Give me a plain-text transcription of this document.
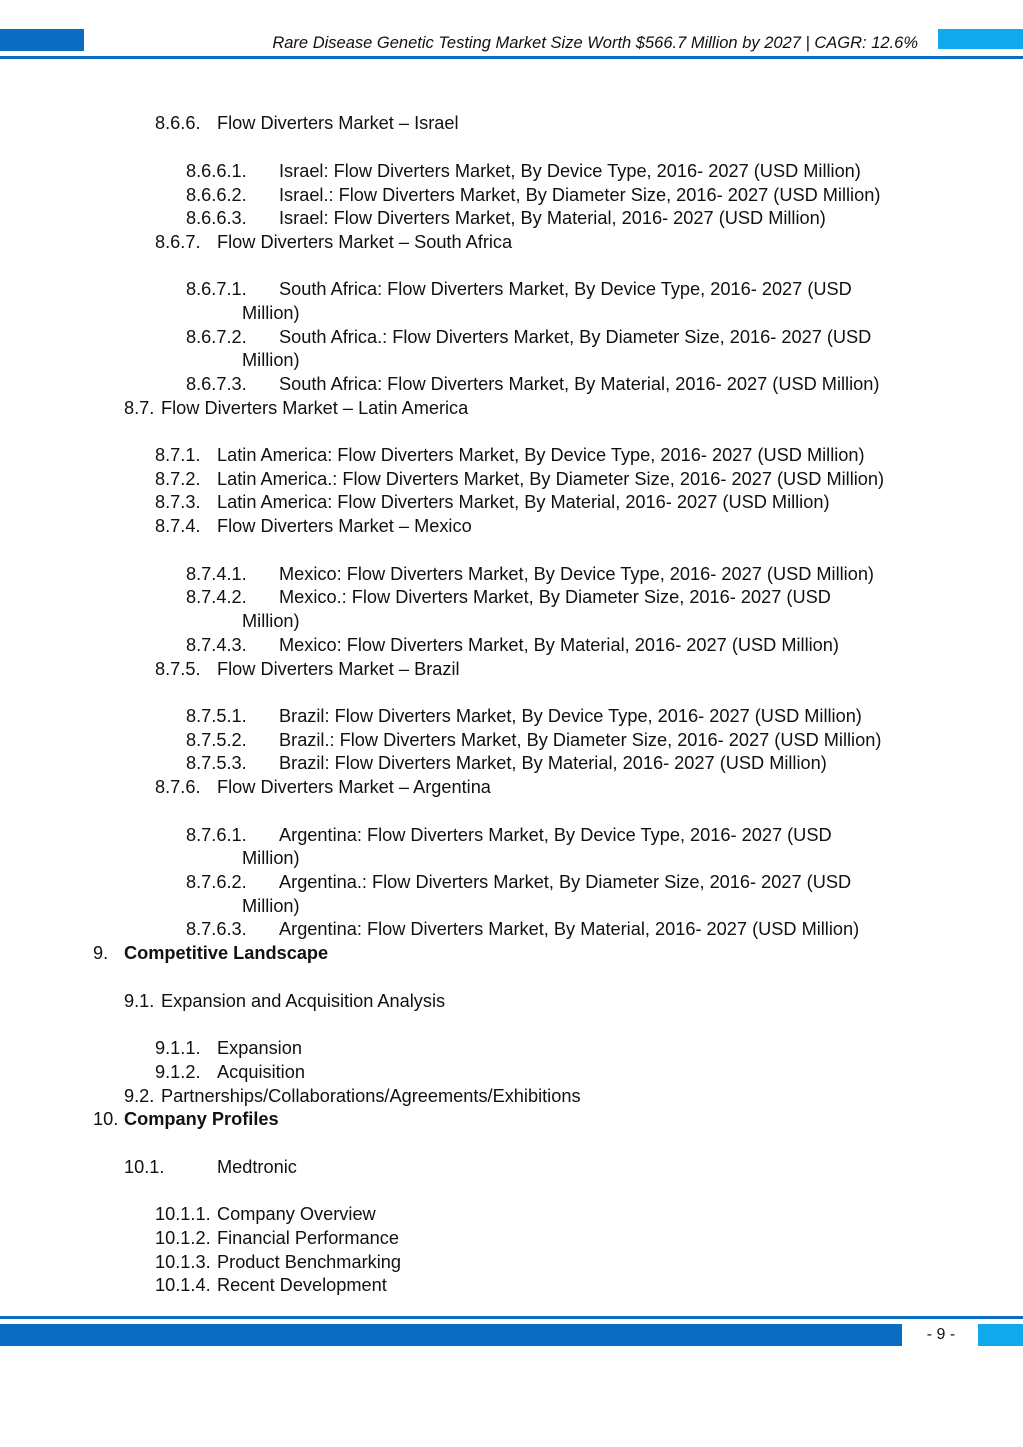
Rare Disease Genetic Testing Market Size Worth $566.7 Million by 2027 | CAGR: 12.6%
8.6.6. Flow Diverters Market – Israel
8.6.6.1. Israel: Flow Diverters Market, By Device Type, 2016- 2027 (USD Million)
8.6.6.2. Israel.: Flow Diverters Market, By Diameter Size, 2016- 2027 (USD Million)
8.6.6.3. Israel: Flow Diverters Market, By Material, 2016- 2027 (USD Million)
8.6.7. Flow Diverters Market – South Africa
8.6.7.1. South Africa: Flow Diverters Market, By Device Type, 2016- 2027 (USD
Million)
8.6.7.2. South Africa.: Flow Diverters Market, By Diameter Size, 2016- 2027 (USD
Million)
8.6.7.3. South Africa: Flow Diverters Market, By Material, 2016- 2027 (USD Million)
8.7. Flow Diverters Market – Latin America
8.7.1. Latin America: Flow Diverters Market, By Device Type, 2016- 2027 (USD Million)
8.7.2. Latin America.: Flow Diverters Market, By Diameter Size, 2016- 2027 (USD Million)
8.7.3. Latin America: Flow Diverters Market, By Material, 2016- 2027 (USD Million)
8.7.4. Flow Diverters Market – Mexico
8.7.4.1. Mexico: Flow Diverters Market, By Device Type, 2016- 2027 (USD Million)
8.7.4.2. Mexico.: Flow Diverters Market, By Diameter Size, 2016- 2027 (USD
Million)
8.7.4.3. Mexico: Flow Diverters Market, By Material, 2016- 2027 (USD Million)
8.7.5. Flow Diverters Market – Brazil
8.7.5.1. Brazil: Flow Diverters Market, By Device Type, 2016- 2027 (USD Million)
8.7.5.2. Brazil.: Flow Diverters Market, By Diameter Size, 2016- 2027 (USD Million)
8.7.5.3. Brazil: Flow Diverters Market, By Material, 2016- 2027 (USD Million)
8.7.6. Flow Diverters Market – Argentina
8.7.6.1. Argentina: Flow Diverters Market, By Device Type, 2016- 2027 (USD
Million)
8.7.6.2. Argentina.: Flow Diverters Market, By Diameter Size, 2016- 2027 (USD
Million)
8.7.6.3. Argentina: Flow Diverters Market, By Material, 2016- 2027 (USD Million)
9. Competitive Landscape
9.1. Expansion and Acquisition Analysis
9.1.1. Expansion
9.1.2. Acquisition
9.2. Partnerships/Collaborations/Agreements/Exhibitions
10. Company Profiles
10.1.	Medtronic
10.1.1. Company Overview
10.1.2. Financial Performance
10.1.3. Product Benchmarking
10.1.4. Recent Development
- 9 -
